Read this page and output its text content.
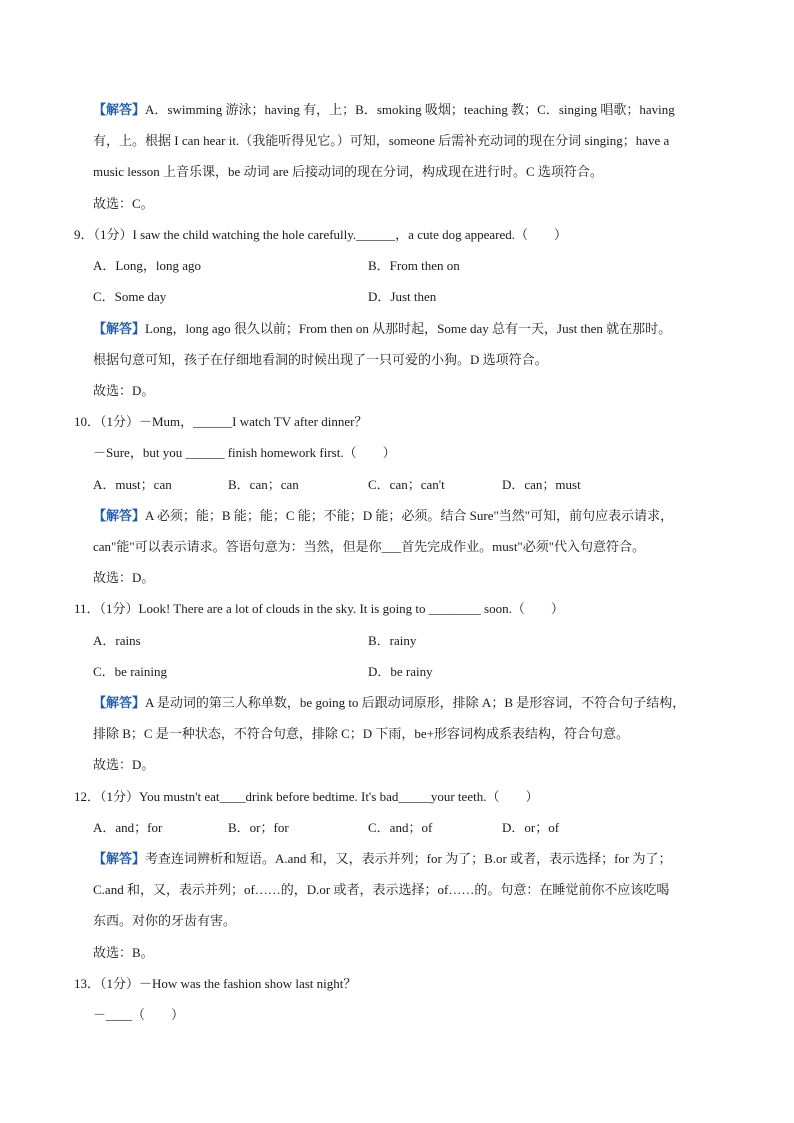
【解答】A．swimming 游泳；having 有，上；B．smoking 吸烟；teaching 教；C．singing 唱歌；having
有，上。根据 I can hear it.（我能听得见它。）可知，someone 后需补充动词的现在分词 singing；have a
music lesson 上音乐课，be 动词 are 后接动词的现在分词，构成现在进行时。C 选项符合。
故选：C。
9．（1分）I saw the child watching the hole carefully.______，a cute dog appeared.（　　）
A．Long，long ago	B．From then on
C．Some day	D．Just then
【解答】Long，long ago 很久以前；From then on 从那时起，Some day 总有一天，Just then 就在那时。
根据句意可知，孩子在仔细地看洞的时候出现了一只可爱的小狗。D 选项符合。
故选：D。
10．（1分）－Mum，______I watch TV after dinner？
－Sure，but you ______ finish homework first.（　　）
A．must；can	B．can；can	C．can；can't	D．can；must
【解答】A 必须；能；B 能；能；C 能；不能；D 能；必须。结合 Sure"当然"可知，前句应表示请求，
can"能"可以表示请求。答语句意为：当然，但是你___首先完成作业。must"必须"代入句意符合。
故选：D。
11．（1分）Look! There are a lot of clouds in the sky. It is going to ________ soon.（　　）
A．rains	B．rainy
C．be raining	D．be rainy
【解答】A 是动词的第三人称单数，be going to 后跟动词原形，排除 A；B 是形容词，不符合句子结构，
排除 B；C 是一种状态，不符合句意，排除 C；D 下雨，be+形容词构成系表结构，符合句意。
故选：D。
12．（1分）You mustn't eat____drink before bedtime. It's bad_____your teeth.（　　）
A．and；for	B．or；for	C．and；of	D．or；of
【解答】考查连词辨析和短语。A.and 和，又，表示并列；for 为了；B.or 或者，表示选择；for 为了；
C.and 和，又，表示并列；of……的，D.or 或者，表示选择；of……的。句意：在睡觉前你不应该吃喝
东西。对你的牙齿有害。
故选：B。
13．（1分）－How was the fashion show last night？
－____（　　）
